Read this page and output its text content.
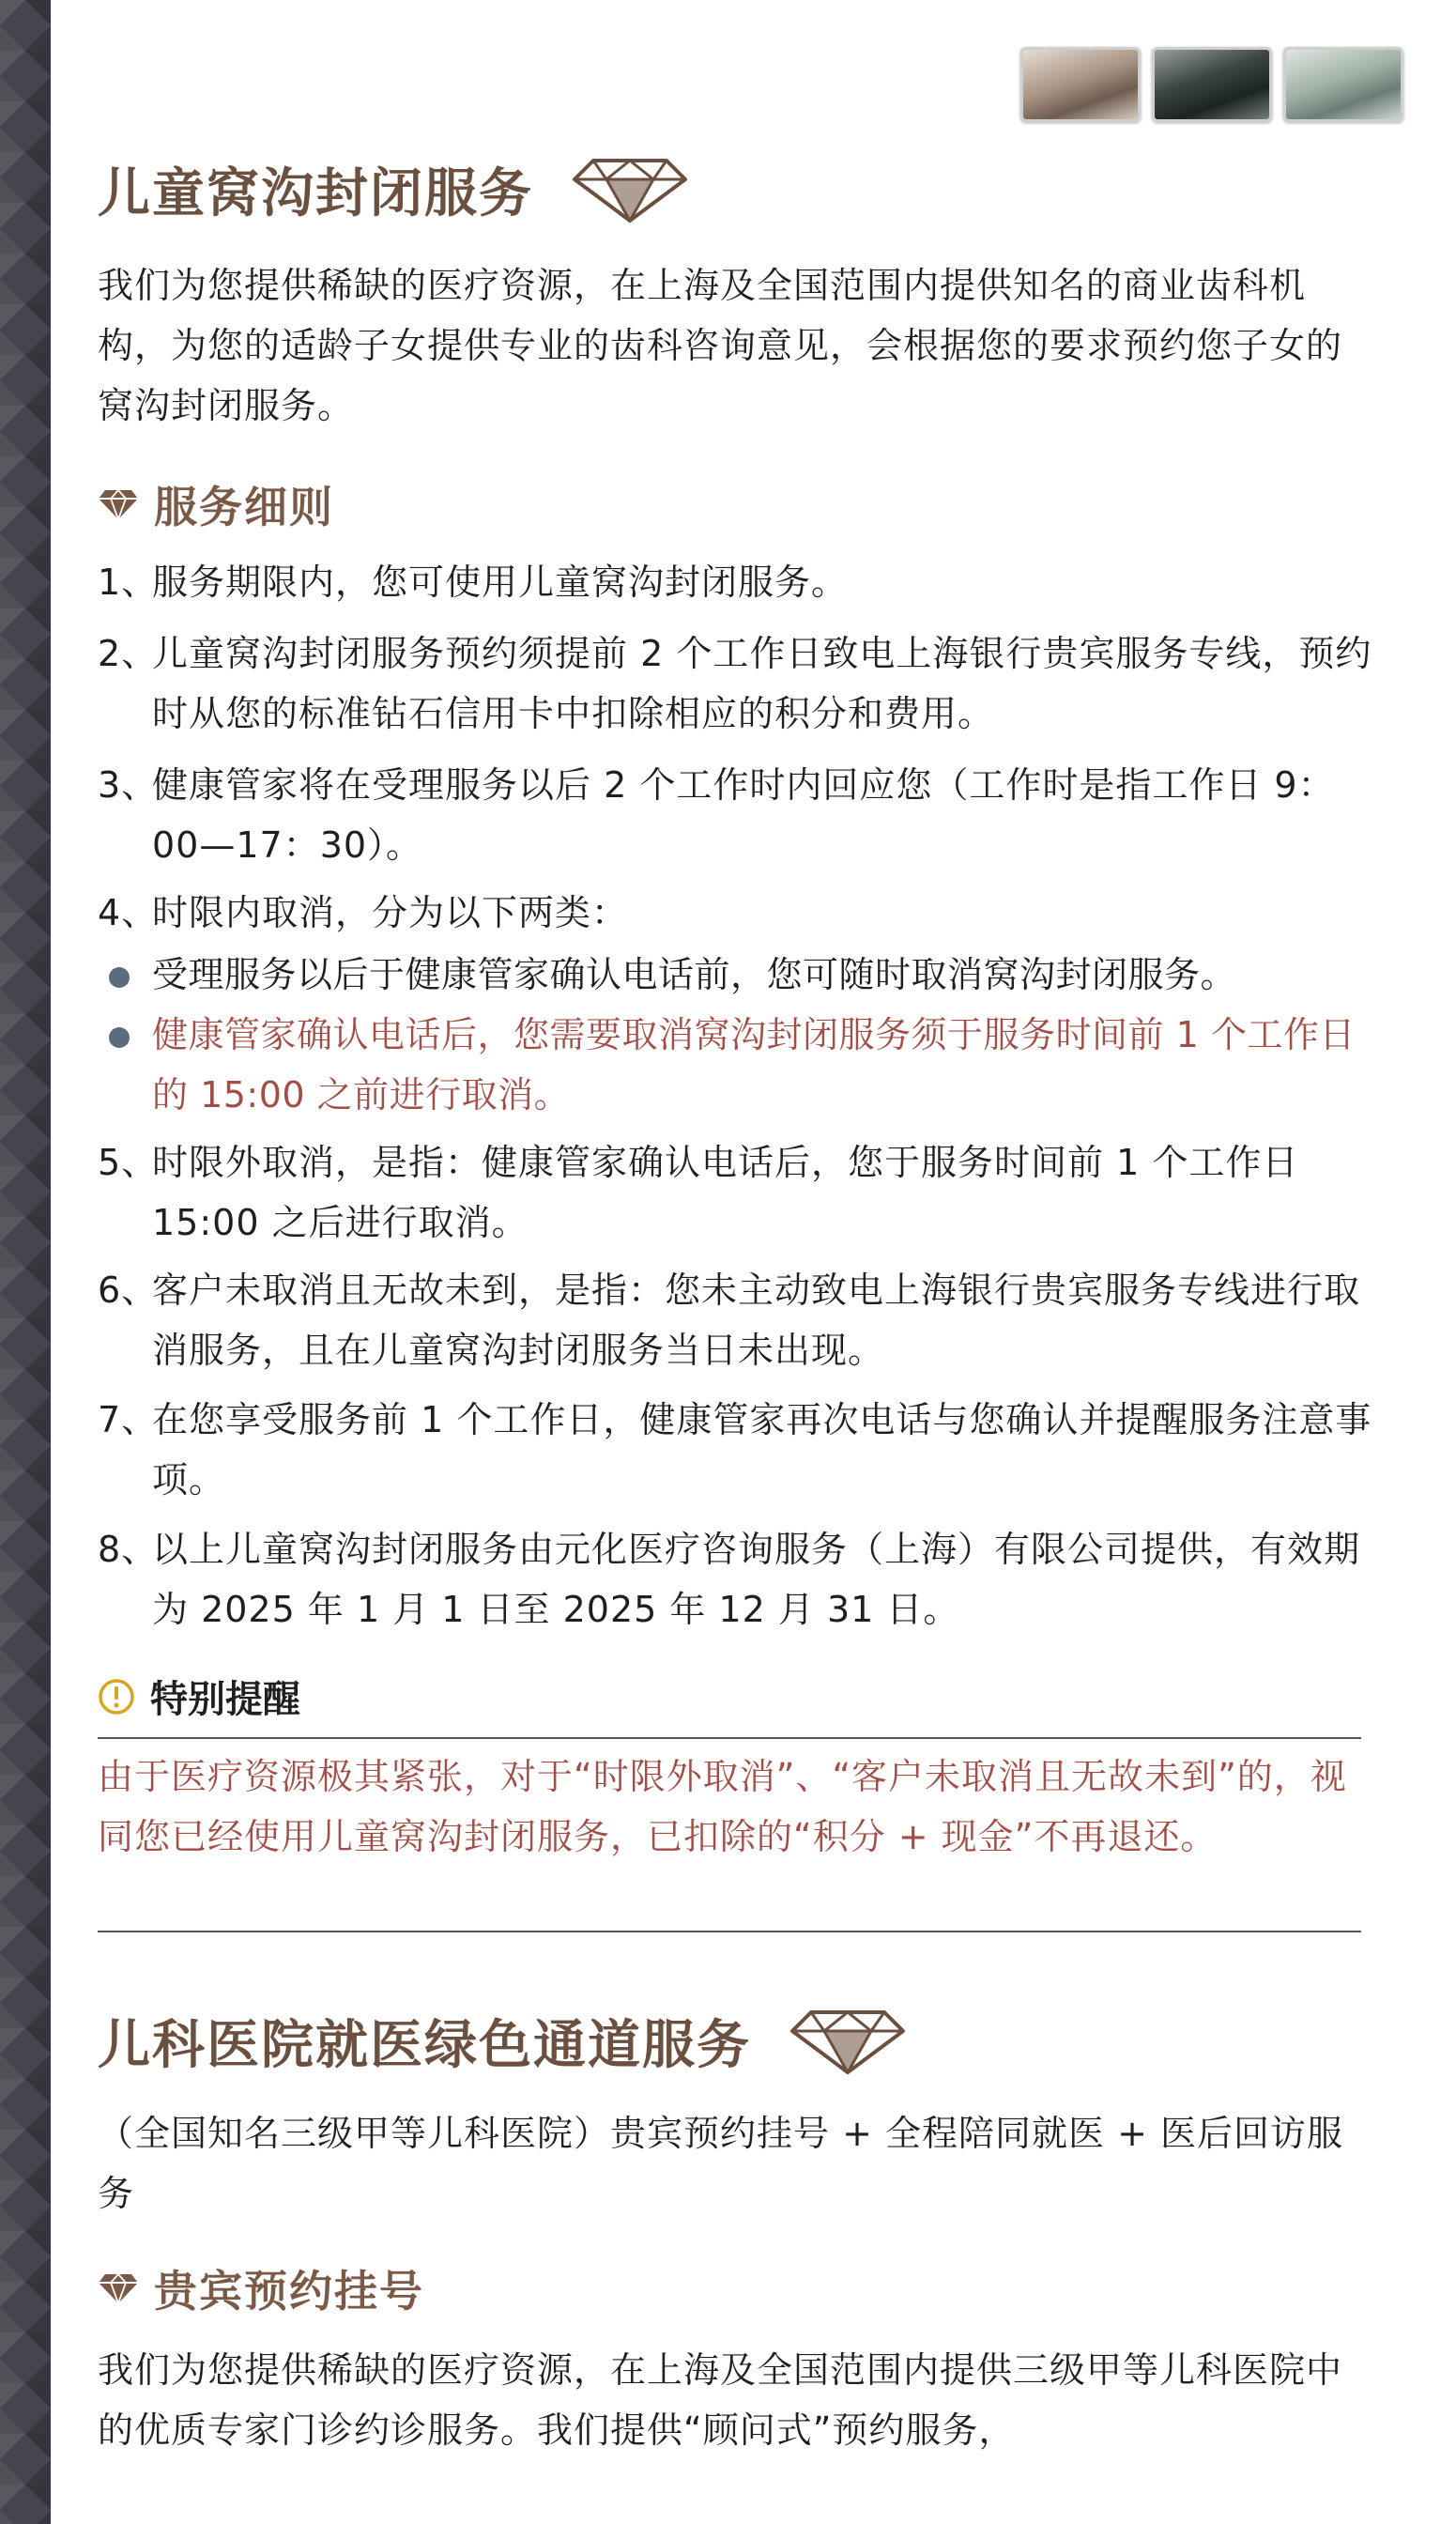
儿童窝沟封闭服务

我们为您提供稀缺的医疗资源，在上海及全国范围内提供知名的商业齿科机构，为您的适龄子女提供专业的齿科咨询意见，会根据您的要求预约您子女的窝沟封闭服务。

服务细则
1、
服务期限内，您可使用儿童窝沟封闭服务。
2、
儿童窝沟封闭服务预约须提前 2 个工作日致电上海银行贵宾服务专线，预约时从您的标准钻石信用卡中扣除相应的积分和费用。
3、
健康管家将在受理服务以后 2 个工作时内回应您（工作时是指工作日 9：00—17：30）。
4、
时限内取消，分为以下两类：
受理服务以后于健康管家确认电话前，您可随时取消窝沟封闭服务。
健康管家确认电话后，您需要取消窝沟封闭服务须于服务时间前 1 个工作日的 15:00 之前进行取消。
5、
时限外取消，是指：健康管家确认电话后，您于服务时间前 1 个工作日 15:00 之后进行取消。
6、
客户未取消且无故未到，是指：您未主动致电上海银行贵宾服务专线进行取消服务，且在儿童窝沟封闭服务当日未出现。
7、
在您享受服务前 1 个工作日，健康管家再次电话与您确认并提醒服务注意事项。
8、
以上儿童窝沟封闭服务由元化医疗咨询服务（上海）有限公司提供，有效期为 2025 年 1 月 1 日至 2025 年 12 月 31 日。
特别提醒

由于医疗资源极其紧张，对于“时限外取消”、“客户未取消且无故未到”的，视同您已经使用儿童窝沟封闭服务，已扣除的“积分 + 现金”不再退还。

儿科医院就医绿色通道服务

（全国知名三级甲等儿科医院）贵宾预约挂号 + 全程陪同就医 + 医后回访服务

贵宾预约挂号

我们为您提供稀缺的医疗资源，在上海及全国范围内提供三级甲等儿科医院中的优质专家门诊约诊服务。我们提供“顾问式”预约服务，
